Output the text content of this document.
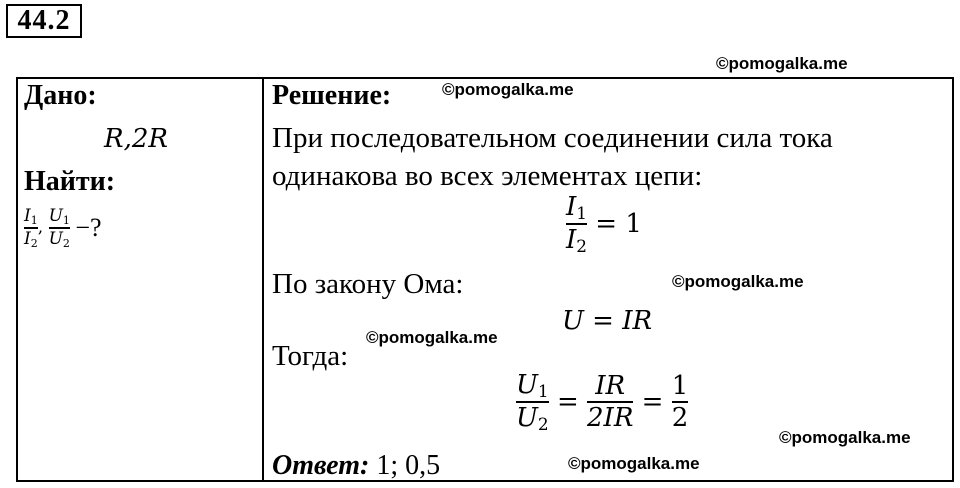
44.2
©pomogalka.me
©pomogalka.me
©pomogalka.me
©pomogalka.me
©pomogalka.me
©pomogalka.me
Дано:
R,2R
Найти:
$\frac{I_1}{I_2}$ , $\frac{U_1}{U_2}$ −?
Решение:
При последовательном соединении сила тока
одинакова во всех элементах цепи:
$\frac{I_1}{I_2} = 1$
По закону Ома:
U = IR
Тогда:
$\frac{U_1}{U_2} = \frac{IR}{2IR} = \frac{1}{2}$
Ответ: 1; 0,5
